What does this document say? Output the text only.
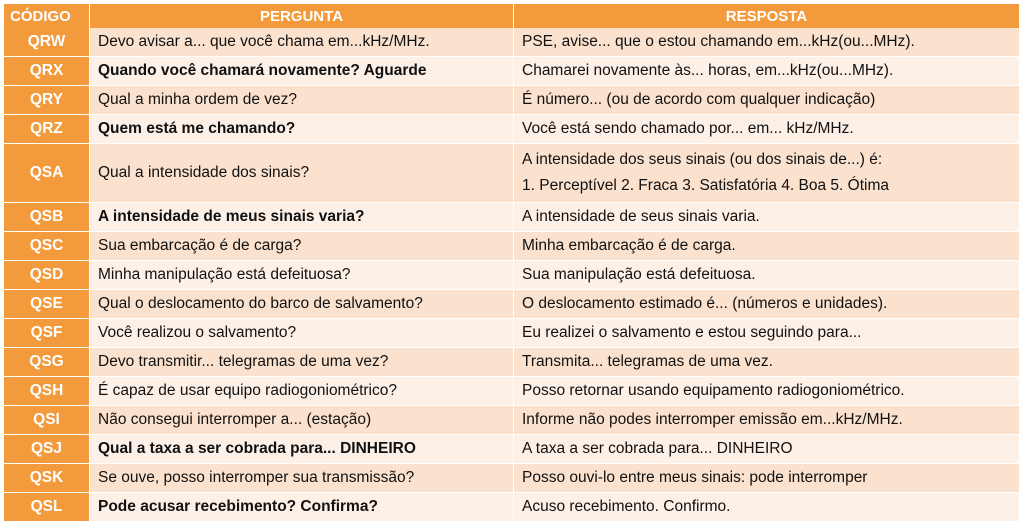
CÓDIGO	PERGUNTA	RESPOSTA
QRW	Devo avisar a... que você chama em...kHz/MHz.	PSE, avise... que o estou chamando em...kHz(ou...MHz).
QRX	Quando você chamará novamente? Aguarde	Chamarei novamente às... horas, em...kHz(ou...MHz).
QRY	Qual a minha ordem de vez?	É número... (ou de acordo com qualquer indicação)
QRZ	Quem está me chamando?	Você está sendo chamado por... em... kHz/MHz.
QSA	Qual a intensidade dos sinais?	A intensidade dos seus sinais (ou dos sinais de...) é:
1. Perceptível 2. Fraca 3. Satisfatória 4. Boa 5. Ótima

QSB	A intensidade de meus sinais varia?	A intensidade de seus sinais varia.
QSC	Sua embarcação é de carga?	Minha embarcação é de carga.
QSD	Minha manipulação está defeituosa?	Sua manipulação está defeituosa.
QSE	Qual o deslocamento do barco de salvamento?	O deslocamento estimado é... (números e unidades).
QSF	Você realizou o salvamento?	Eu realizei o salvamento e estou seguindo para...
QSG	Devo transmitir... telegramas de uma vez?	Transmita... telegramas de uma vez.
QSH	É capaz de usar equipo radiogoniométrico?	Posso retornar usando equipamento radiogoniométrico.
QSI	Não consegui interromper a... (estação)	Informe não podes interromper emissão em...kHz/MHz.
QSJ	Qual a taxa a ser cobrada para... DINHEIRO	A taxa a ser cobrada para... DINHEIRO
QSK	Se ouve, posso interromper sua transmissão?	Posso ouvi-lo entre meus sinais: pode interromper
QSL	Pode acusar recebimento? Confirma?	Acuso recebimento. Confirmo.
